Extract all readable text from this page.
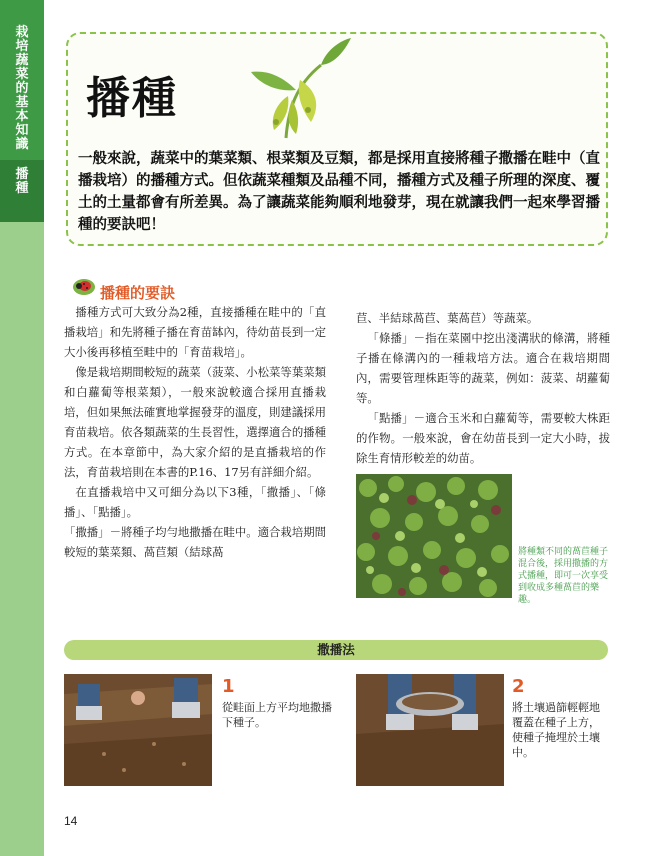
栽
培
蔬
菜
的
基
本
知
識
播
種
播種
一般來說，蔬菜中的葉菜類、根菜類及豆類，都是採用直接將種子撒播在畦中（直播栽培）的播種方式。但依蔬菜種類及品種不同，播種方式及種子所理的深度、覆土的土量都會有所差異。為了讓蔬菜能夠順利地發芽，現在就讓我們一起來學習播種的要訣吧！
播種的要訣

播種方式可大致分為2種，直接播種在畦中的「直播栽培」和先將種子播在育苗缽內，待幼苗長到一定大小後再移植至畦中的「育苗栽培」。

像是栽培期間較短的蔬菜（菠菜、小松菜等葉菜類和白蘿蔔等根菜類），一般來說較適合採用直播栽培，但如果無法確實地掌握發芽的溫度，則建議採用育苗栽培。依各類蔬菜的生長習性，選擇適合的播種方式。在本章節中，為大家介紹的是直播栽培的作法，育苗栽培則在本書的P.16、17另有詳細介紹。

在直播栽培中又可細分為以下3種，「撒播」、「條播」、「點播」。

「撒播」－將種子均勻地撒播在畦中。適合栽培期間較短的葉菜類、萵苣類（結球萵

苣、半結球萵苣、葉萵苣）等蔬菜。

「條播」－指在菜園中挖出淺溝狀的條溝，將種子播在條溝內的一種栽培方法。適合在栽培期間內，需要管理株距等的蔬菜，例如：菠菜、胡蘿蔔等。

「點播」－適合玉米和白蘿蔔等，需要較大株距的作物。一般來說，會在幼苗長到一定大小時，拔除生育情形較差的幼苗。

將種類不同的萵苣種子混合後，採用撒播的方式播種，即可一次享受到收成多種萵苣的樂趣。
撒播法
1
從畦面上方平均地撒播下種子。
2
將土壤過篩輕輕地覆蓋在種子上方，使種子掩埋於土壤中。
14
